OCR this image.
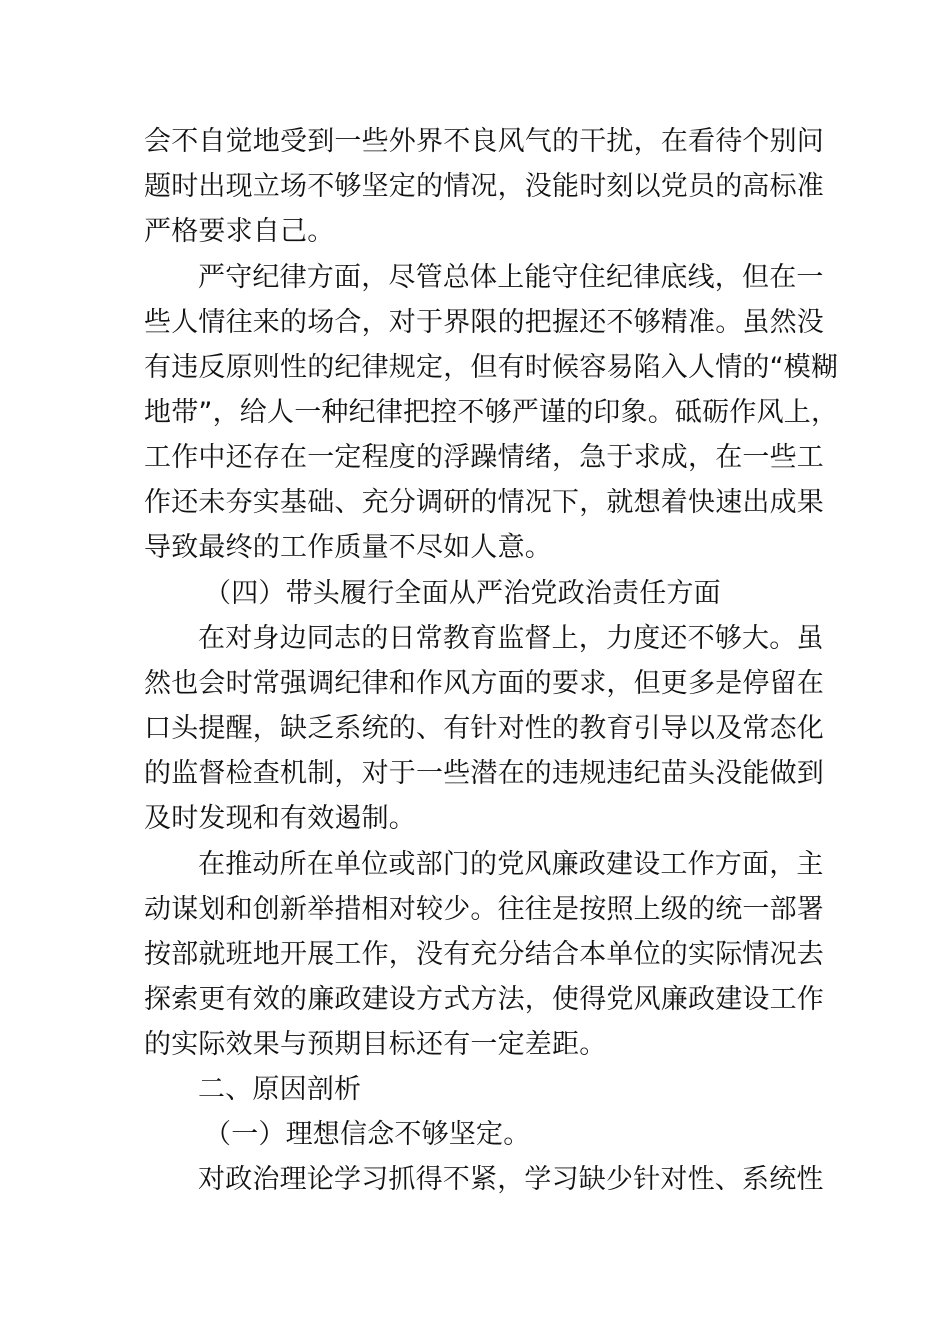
会不自觉地受到一些外界不良风气的干扰，在看待个别问
题时出现立场不够坚定的情况，没能时刻以党员的高标准
严格要求自己。
严守纪律方面，尽管总体上能守住纪律底线，但在一
些人情往来的场合，对于界限的把握还不够精准。虽然没
有违反原则性的纪律规定，但有时候容易陷入人情的“模糊
地带”，给人一种纪律把控不够严谨的印象。砥砺作风上，
工作中还存在一定程度的浮躁情绪，急于求成，在一些工
作还未夯实基础、充分调研的情况下，就想着快速出成果
导致最终的工作质量不尽如人意。
（四）带头履行全面从严治党政治责任方面
在对身边同志的日常教育监督上，力度还不够大。虽
然也会时常强调纪律和作风方面的要求，但更多是停留在
口头提醒，缺乏系统的、有针对性的教育引导以及常态化
的监督检查机制，对于一些潜在的违规违纪苗头没能做到
及时发现和有效遏制。
在推动所在单位或部门的党风廉政建设工作方面，主
动谋划和创新举措相对较少。往往是按照上级的统一部署
按部就班地开展工作，没有充分结合本单位的实际情况去
探索更有效的廉政建设方式方法，使得党风廉政建设工作
的实际效果与预期目标还有一定差距。
二、原因剖析
（一）理想信念不够坚定。
对政治理论学习抓得不紧，学习缺少针对性、系统性
